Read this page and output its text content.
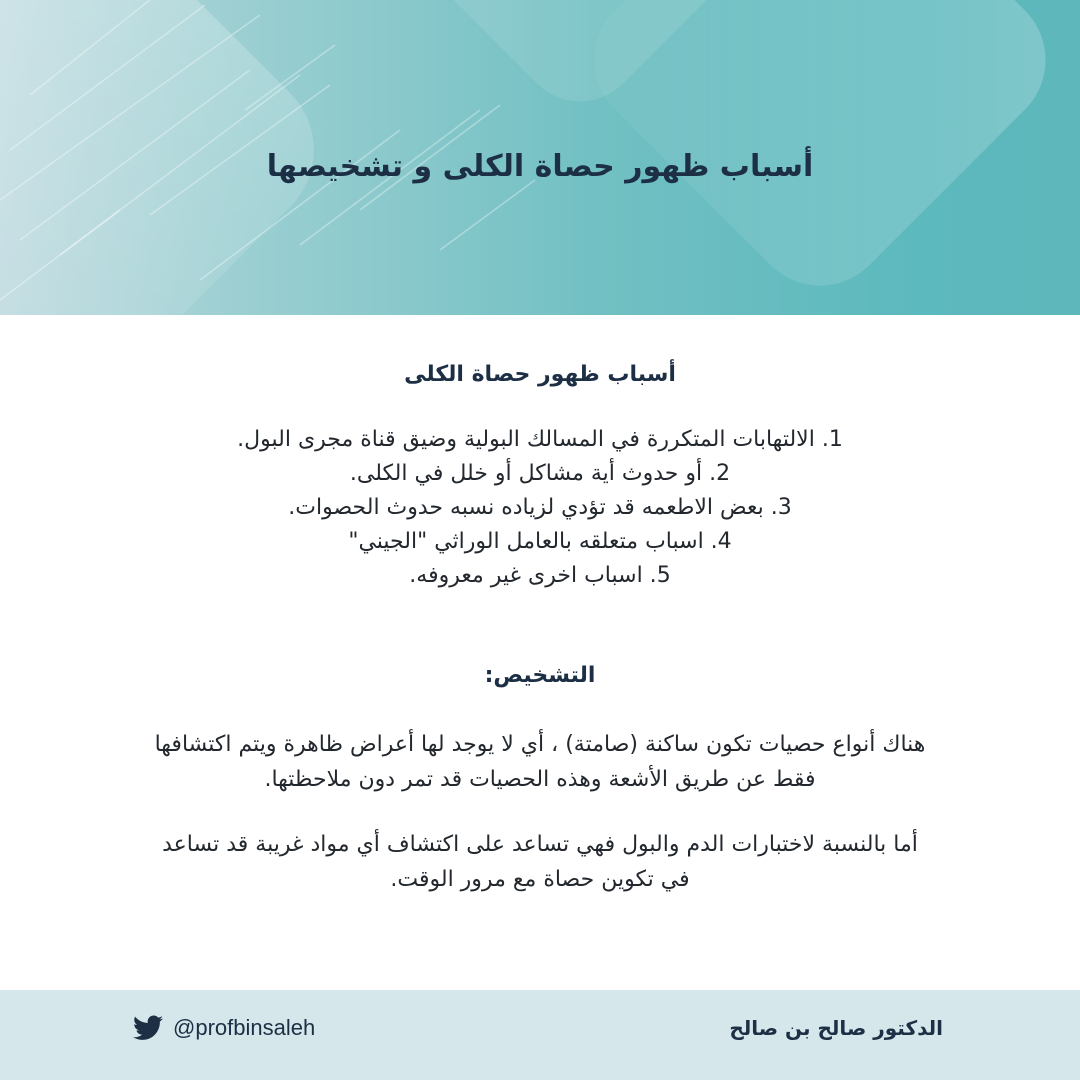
أسباب ظهور حصاة الكلى و تشخيصها
أسباب ظهور حصاة الكلى
1. الالتهابات المتكررة في المسالك البولية وضيق قناة مجرى البول.
2. أو حدوث أية مشاكل أو خلل في الكلى.
3. بعض الاطعمه قد تؤدي لزياده نسبه حدوث الحصوات.
4. اسباب متعلقه بالعامل الوراثي "الجيني"
5. اسباب اخرى غير معروفه.
التشخيص:

هناك أنواع حصيات تكون ساكنة (صامتة) ، أي لا يوجد لها أعراض ظاهرة ويتم اكتشافها
فقط عن طريق الأشعة وهذه الحصيات قد تمر دون ملاحظتها.

أما بالنسبة لاختبارات الدم والبول فهي تساعد على اكتشاف أي مواد غريبة قد تساعد
في تكوين حصاة مع مرور الوقت.

@profbinsaleh	الدكتور صالح بن صالح
